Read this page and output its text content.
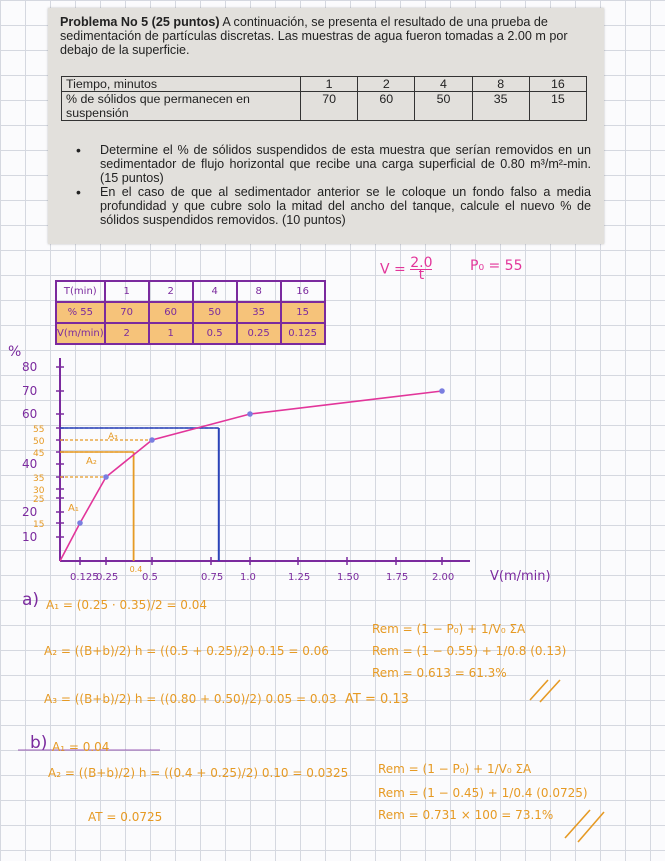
Problema No 5 (25 puntos) A continuación, se presenta el resultado de una prueba de sedimentación de partículas discretas. Las muestras de agua fueron tomadas a 2.00 m por debajo de la superficie.

Tiempo, minutos	1	2	4	8	16
% de sólidos que permanecen en suspensión	70	60	50	35	15
• Determine el % de sólidos suspendidos de esta muestra que serían removidos en un sedimentador de flujo horizontal que recibe una carga superficial de 0.80 m³/m²-min. (15 puntos)
• En el caso de que al sedimentador anterior se le coloque un fondo falso a media profundidad y que cubre solo la mitad del ancho del tanque, calcule el nuevo % de sólidos suspendidos removidos. (10 puntos)
$V = \frac{2.0}{t}$	P₀ = 55
T(min)	1	2	4	8	16
% 55	70	60	50	35	15
V(m/min)	2	1	0.5	0.25	0.125
%
V(m/min)
10
15
20
25
30
35
40
45
50
55
60
70
80
0.125
0.25 0.5	0.75 1.0	1.25	1.50	1.75 2.00
0.4
A₁
A₂
A₃
a) A₁ = (0.25 · 0.35)/2 = 0.04
A₂ = ((B+b)/2) h = ((0.5 + 0.25)/2) 0.15 = 0.06
A₃ = ((B+b)/2) h = ((0.80 + 0.50)/2) 0.05 = 0.03 AT = 0.13
Rem = (1 − P₀) + 1/V₀ ΣA
Rem = (1 − 0.55) + 1/0.8 (0.13)
Rem = 0.613 = 61.3%
b) A₁ = 0.04
A₂ = ((B+b)/2) h = ((0.4 + 0.25)/2) 0.10 = 0.0325
AT = 0.0725
Rem = (1 − P₀) + 1/V₀ ΣA
Rem = (1 − 0.45) + 1/0.4 (0.0725)
Rem = 0.731 × 100 = 73.1%
